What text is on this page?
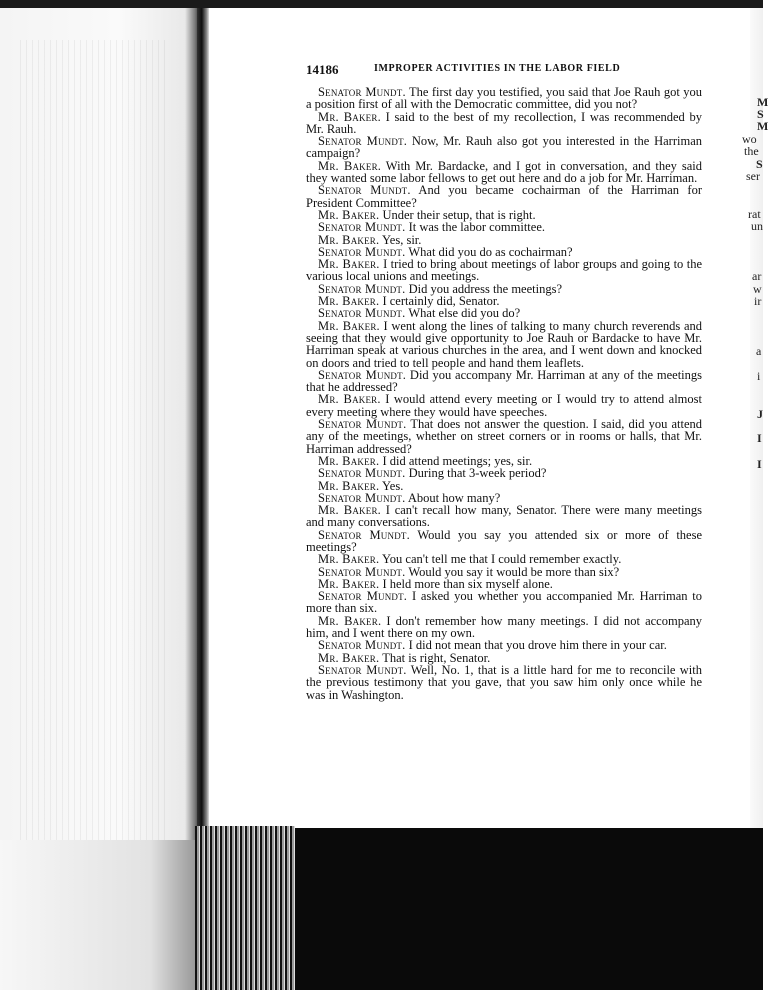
M
S
M
wo
the
S
ser
rat
un
ar
w
ir
a
i
J
I
I
14186	IMPROPER ACTIVITIES IN THE LABOR FIELD

Senator Mundt. The first day you testified, you said that Joe Rauh got you a position first of all with the Democratic committee, did you not?

Mr. Baker. I said to the best of my recollection, I was recommended by Mr. Rauh.

Senator Mundt. Now, Mr. Rauh also got you interested in the Harriman campaign?

Mr. Baker. With Mr. Bardacke, and I got in conversation, and they said they wanted some labor fellows to get out here and do a job for Mr. Harriman.

Senator Mundt. And you became cochairman of the Harriman for President Committee?

Mr. Baker. Under their setup, that is right.

Senator Mundt. It was the labor committee.

Mr. Baker. Yes, sir.

Senator Mundt. What did you do as cochairman?

Mr. Baker. I tried to bring about meetings of labor groups and going to the various local unions and meetings.

Senator Mundt. Did you address the meetings?

Mr. Baker. I certainly did, Senator.

Senator Mundt. What else did you do?

Mr. Baker. I went along the lines of talking to many church reverends and seeing that they would give opportunity to Joe Rauh or Bardacke to have Mr. Harriman speak at various churches in the area, and I went down and knocked on doors and tried to tell people and hand them leaflets.

Senator Mundt. Did you accompany Mr. Harriman at any of the meetings that he addressed?

Mr. Baker. I would attend every meeting or I would try to attend almost every meeting where they would have speeches.

Senator Mundt. That does not answer the question. I said, did you attend any of the meetings, whether on street corners or in rooms or halls, that Mr. Harriman addressed?

Mr. Baker. I did attend meetings; yes, sir.

Senator Mundt. During that 3-week period?

Mr. Baker. Yes.

Senator Mundt. About how many?

Mr. Baker. I can't recall how many, Senator. There were many meetings and many conversations.

Senator Mundt. Would you say you attended six or more of these meetings?

Mr. Baker. You can't tell me that I could remember exactly.

Senator Mundt. Would you say it would be more than six?

Mr. Baker. I held more than six myself alone.

Senator Mundt. I asked you whether you accompanied Mr. Harriman to more than six.

Mr. Baker. I don't remember how many meetings. I did not accompany him, and I went there on my own.

Senator Mundt. I did not mean that you drove him there in your car.

Mr. Baker. That is right, Senator.

Senator Mundt. Well, No. 1, that is a little hard for me to reconcile with the previous testimony that you gave, that you saw him only once while he was in Washington.
